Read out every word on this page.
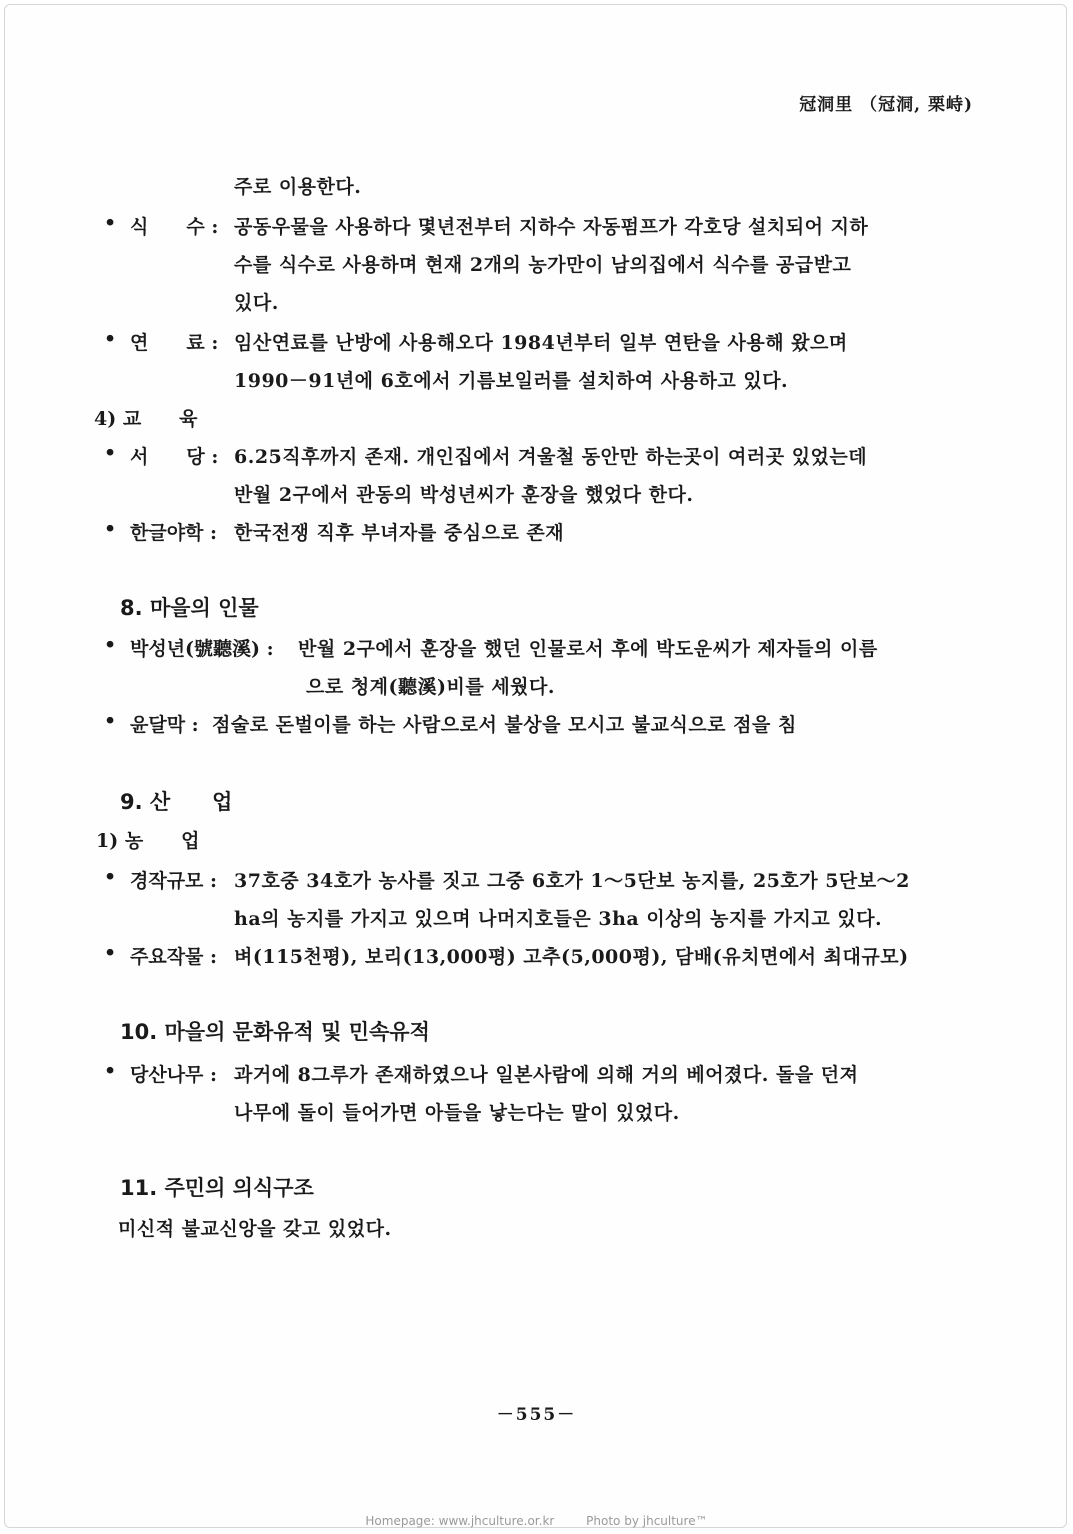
冠洞里 （冠洞, 栗峙)
주로 이용한다.
• 식　　수 : 공동우물을 사용하다 몇년전부터 지하수 자동펌프가 각호당 설치되어 지하
수를 식수로 사용하며 현재 2개의 농가만이 남의집에서 식수를 공급받고
있다.
• 연　　료 : 임산연료를 난방에 사용해오다 1984년부터 일부 연탄을 사용해 왔으며
1990－91년에 6호에서 기름보일러를 설치하여 사용하고 있다.
4) 교　　육
• 서　　당 : 6.25직후까지 존재. 개인집에서 겨울철 동안만 하는곳이 여러곳 있었는데
반월 2구에서 관동의 박성년씨가 훈장을 했었다 한다.
• 한글야학 : 한국전쟁 직후 부녀자를 중심으로 존재
8. 마을의 인물
• 박성년(號聽溪) : 반월 2구에서 훈장을 했던 인물로서 후에 박도운씨가 제자들의 이름
으로 청계(聽溪)비를 세웠다.
• 윤달막 : 점술로 돈벌이를 하는 사람으로서 불상을 모시고 불교식으로 점을 침
9. 산　　업
1) 농　　업
• 경작규모 : 37호중 34호가 농사를 짓고 그중 6호가 1～5단보 농지를, 25호가 5단보～2
ha의 농지를 가지고 있으며 나머지호들은 3ha 이상의 농지를 가지고 있다.
• 주요작물 : 벼(115천평), 보리(13,000평) 고추(5,000평), 담배(유치면에서 최대규모)
10. 마을의 문화유적 및 민속유적
• 당산나무 : 과거에 8그루가 존재하였으나 일본사람에 의해 거의 베어졌다. 돌을 던져
나무에 돌이 들어가면 아들을 낳는다는 말이 있었다.
11. 주민의 의식구조
미신적 불교신앙을 갖고 있었다.
－555－
Homepage: www.jhculture.or.kr	Photo by jhculture™
